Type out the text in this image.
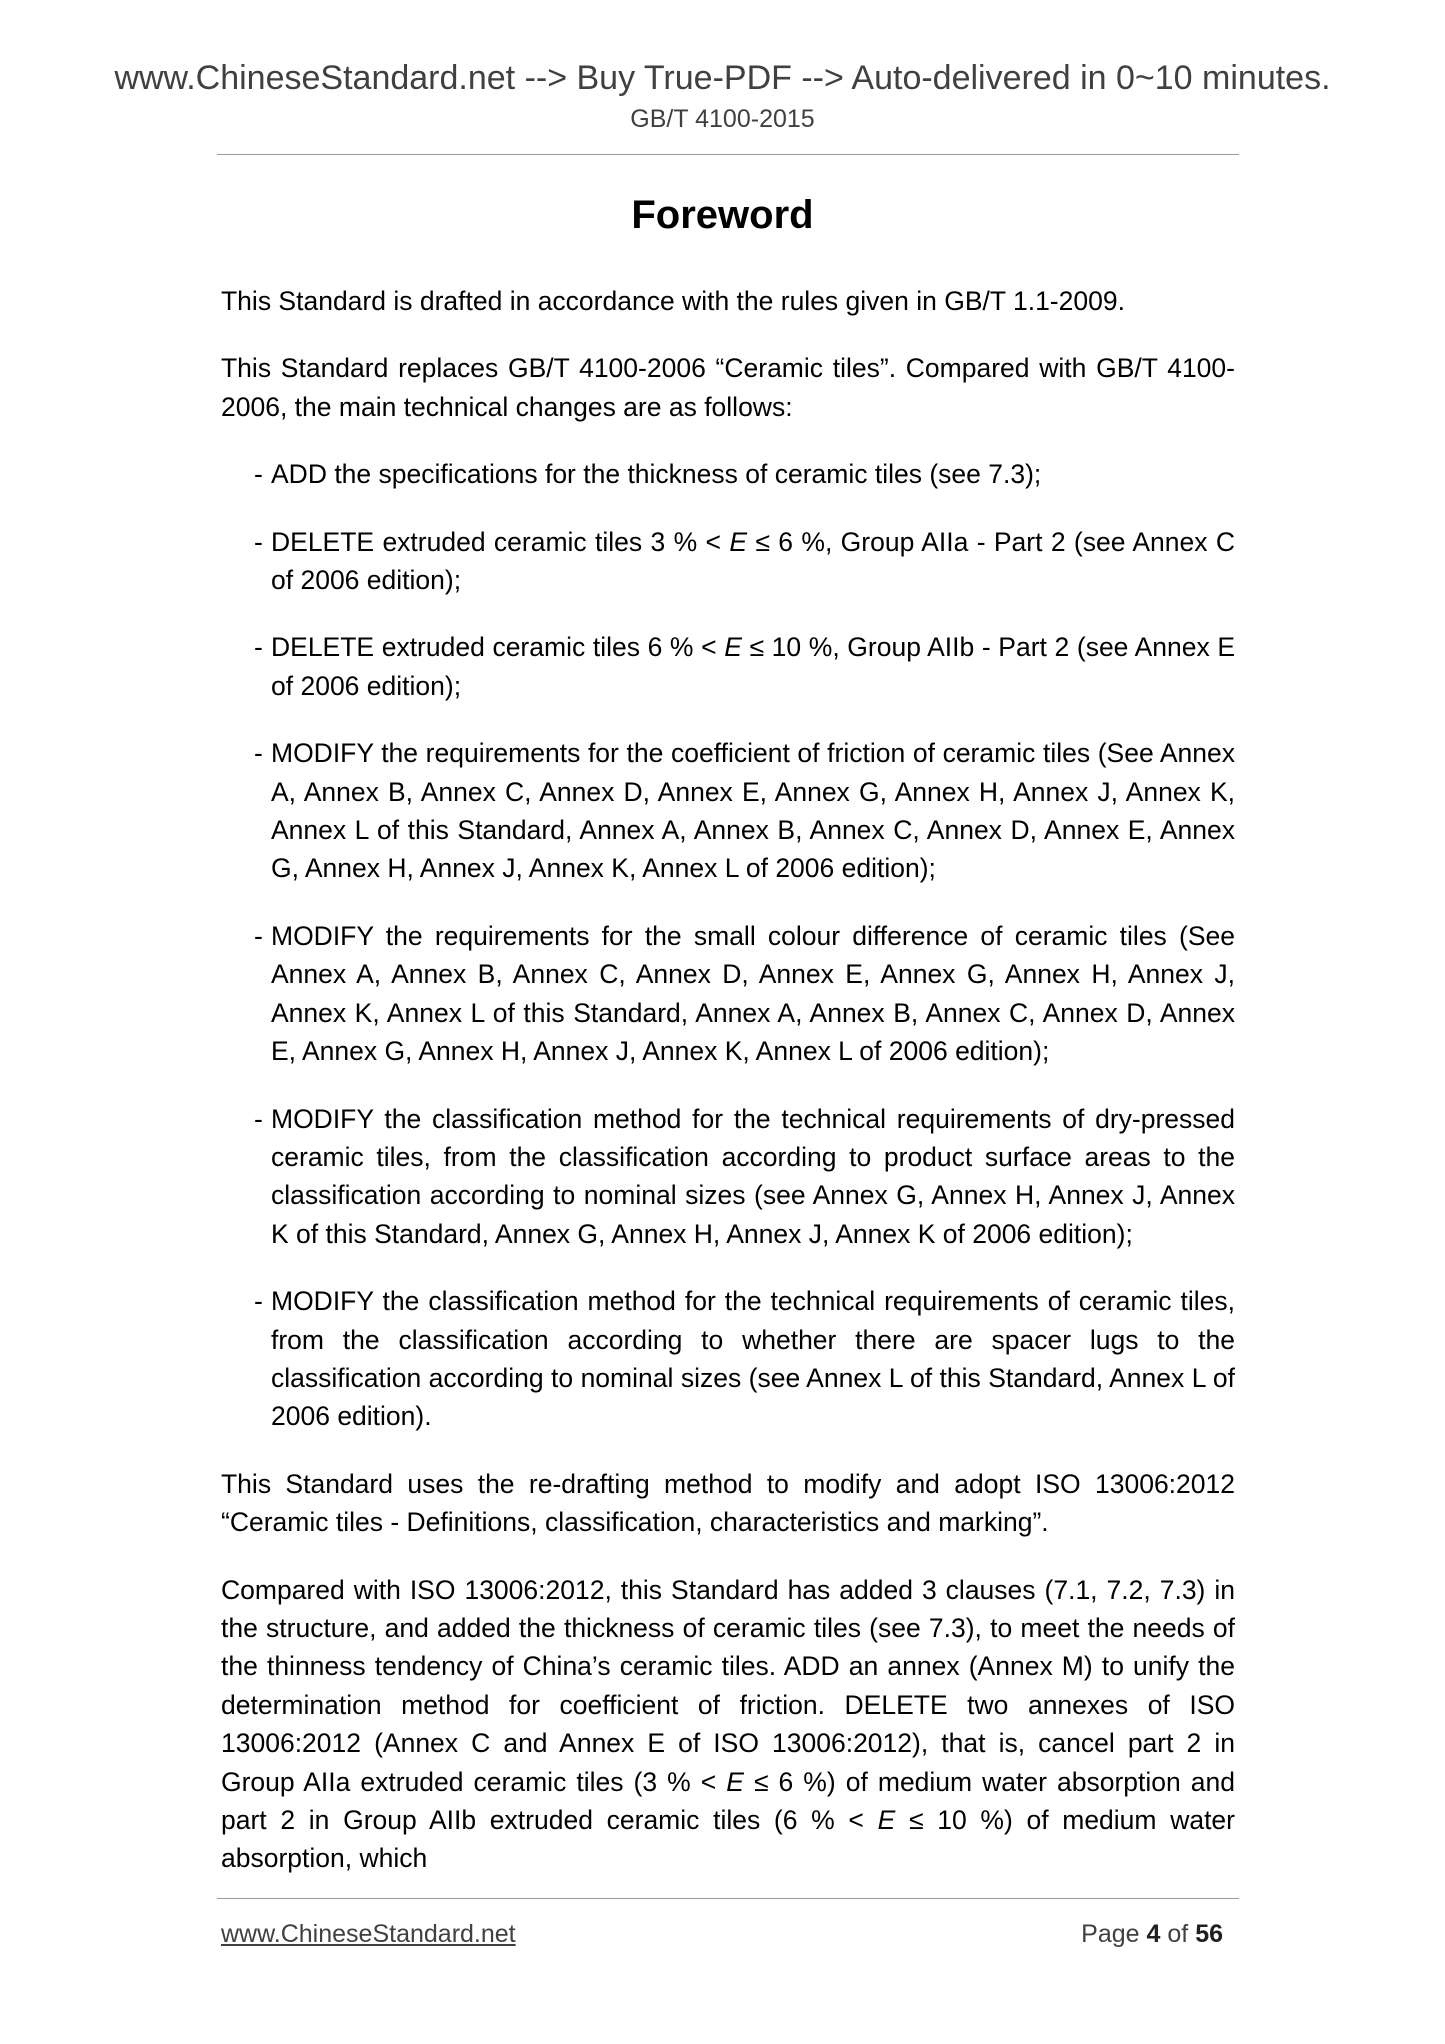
www.ChineseStandard.net --> Buy True-PDF --> Auto-delivered in 0~10 minutes.
GB/T 4100-2015
Foreword

This Standard is drafted in accordance with the rules given in GB/T 1.1-2009.

This Standard replaces GB/T 4100-2006 “Ceramic tiles”. Compared with GB/T 4100-2006, the main technical changes are as follows:

- ADD the specifications for the thickness of ceramic tiles (see 7.3);
- DELETE extruded ceramic tiles 3 % < E ≤ 6 %, Group AIIa - Part 2 (see Annex C of 2006 edition);
- DELETE extruded ceramic tiles 6 % < E ≤ 10 %, Group AIIb - Part 2 (see Annex E of 2006 edition);
- MODIFY the requirements for the coefficient of friction of ceramic tiles (See Annex A, Annex B, Annex C, Annex D, Annex E, Annex G, Annex H, Annex J, Annex K, Annex L of this Standard, Annex A, Annex B, Annex C, Annex D, Annex E, Annex G, Annex H, Annex J, Annex K, Annex L of 2006 edition);
- MODIFY the requirements for the small colour difference of ceramic tiles (See Annex A, Annex B, Annex C, Annex D, Annex E, Annex G, Annex H, Annex J, Annex K, Annex L of this Standard, Annex A, Annex B, Annex C, Annex D, Annex E, Annex G, Annex H, Annex J, Annex K, Annex L of 2006 edition);
- MODIFY the classification method for the technical requirements of dry-pressed ceramic tiles, from the classification according to product surface areas to the classification according to nominal sizes (see Annex G, Annex H, Annex J, Annex K of this Standard, Annex G, Annex H, Annex J, Annex K of 2006 edition);
- MODIFY the classification method for the technical requirements of ceramic tiles, from the classification according to whether there are spacer lugs to the classification according to nominal sizes (see Annex L of this Standard, Annex L of 2006 edition).

This Standard uses the re-drafting method to modify and adopt ISO 13006:2012 “Ceramic tiles - Definitions, classification, characteristics and marking”.

Compared with ISO 13006:2012, this Standard has added 3 clauses (7.1, 7.2, 7.3) in the structure, and added the thickness of ceramic tiles (see 7.3), to meet the needs of the thinness tendency of China’s ceramic tiles. ADD an annex (Annex M) to unify the determination method for coefficient of friction. DELETE two annexes of ISO 13006:2012 (Annex C and Annex E of ISO 13006:2012), that is, cancel part 2 in Group AIIa extruded ceramic tiles (3 % < E ≤ 6 %) of medium water absorption and part 2 in Group AIIb extruded ceramic tiles (6 % < E ≤ 10 %) of medium water absorption, which

www.ChineseStandard.net	Page 4 of 56
